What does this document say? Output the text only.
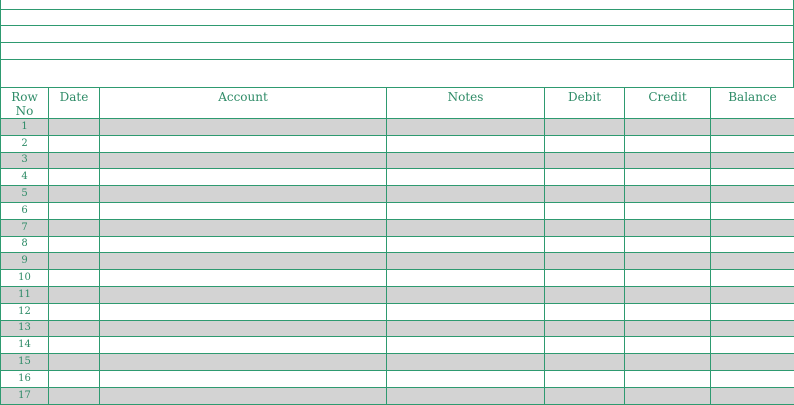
Row
No	Date	Account	Notes	Debit	Credit	Balance
1						
2						
3						
4						
5						
6						
7						
8						
9						
10						
11						
12						
13						
14						
15						
16						
17						
